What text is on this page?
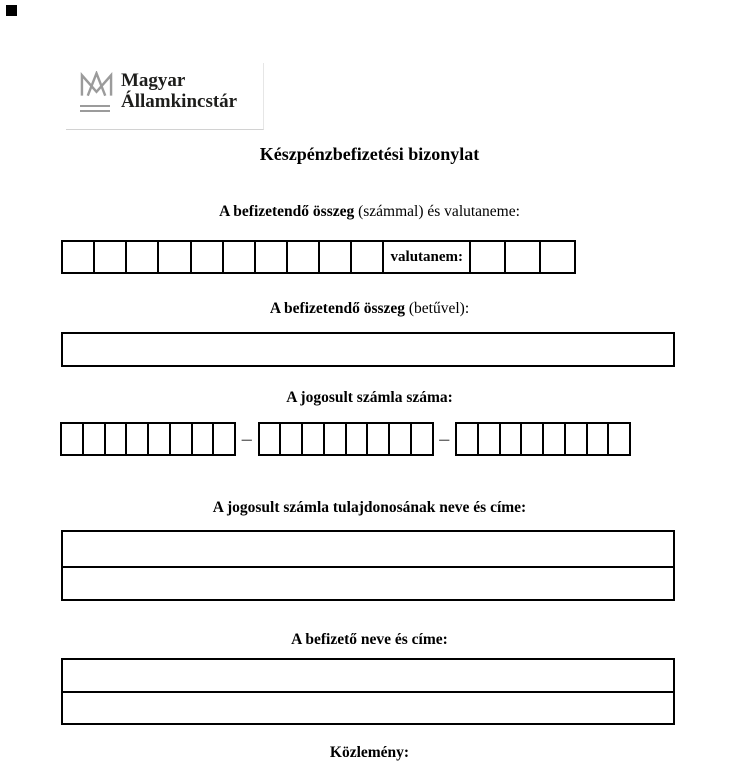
Magyar
Államkincstár
Készpénzbefizetési bizonylat
A befizetendő összeg (számmal) és valutaneme:
valutanem:
A befizetendő összeg (betűvel):
A jogosult számla száma:
–	–
A jogosult számla tulajdonosának neve és címe:
A befizető neve és címe:
Közlemény:
